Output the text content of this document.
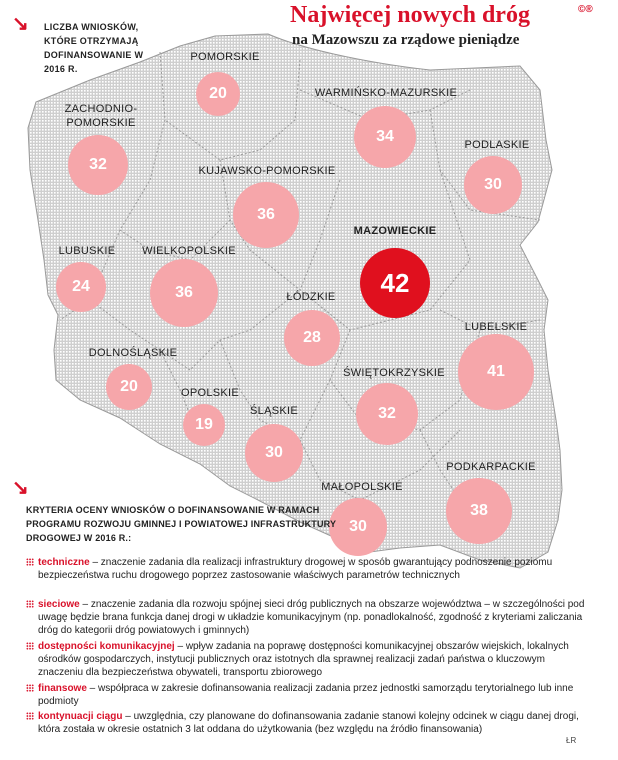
Najwięcej nowych dróg
na Mazowszu za rządowe pieniądze
©®
↘ LICZBA WNIOSKÓW, KTÓRE OTRZYMAJĄ DOFINANSOWANIE W 2016 R.
POMORSKIE
ZACHODNIO-POMORSKIE
WARMIŃSKO-MAZURSKIE
PODLASKIE
KUJAWSKO-POMORSKIE
MAZOWIECKIE
LUBUSKIE	WIELKOPOLSKIE
ŁÓDZKIE
LUBELSKIE
DOLNOŚLĄSKIE
ŚWIĘTOKRZYSKIE
OPOLSKIE
ŚLĄSKIE
PODKARPACKIE
MAŁOPOLSKIE
20
32
34
30
36
42
24	36
28
41
20
32
19
30
38
30
↘
KRYTERIA OCENY WNIOSKÓW O DOFINANSOWANIE W RAMACH PROGRAMU ROZWOJU GMINNEJ I POWIATOWEJ INFRASTRUKTURY DROGOWEJ W 2016 R.:
techniczne – znaczenie zadania dla realizacji infrastruktury drogowej w sposób gwarantujący podnoszenie poziomu bezpieczeństwa ruchu drogowego poprzez zastosowanie właściwych parametrów technicznych
sieciowe – znaczenie zadania dla rozwoju spójnej sieci dróg publicznych na obszarze województwa – w szczególności pod uwagę będzie brana funkcja danej drogi w układzie komunikacyjnym (np. ponadlokalność, zgodność z kryteriami zaliczania dróg do kategorii dróg powiatowych i gminnych)
dostępności komunikacyjnej – wpływ zadania na poprawę dostępności komunikacyjnej obszarów wiejskich, lokalnych ośrodków gospodarczych, instytucji publicznych oraz istotnych dla sprawnej realizacji zadań państwa o kluczowym znaczeniu dla bezpieczeństwa obywateli, transportu zbiorowego
finansowe – współpraca w zakresie dofinansowania realizacji zadania przez jednostki samorządu terytorialnego lub inne podmioty
kontynuacji ciągu – uwzględnia, czy planowane do dofinansowania zadanie stanowi kolejny odcinek w ciągu danej drogi, która została w okresie ostatnich 3 lat oddana do użytkowania (bez względu na źródło finansowania)
ŁR
